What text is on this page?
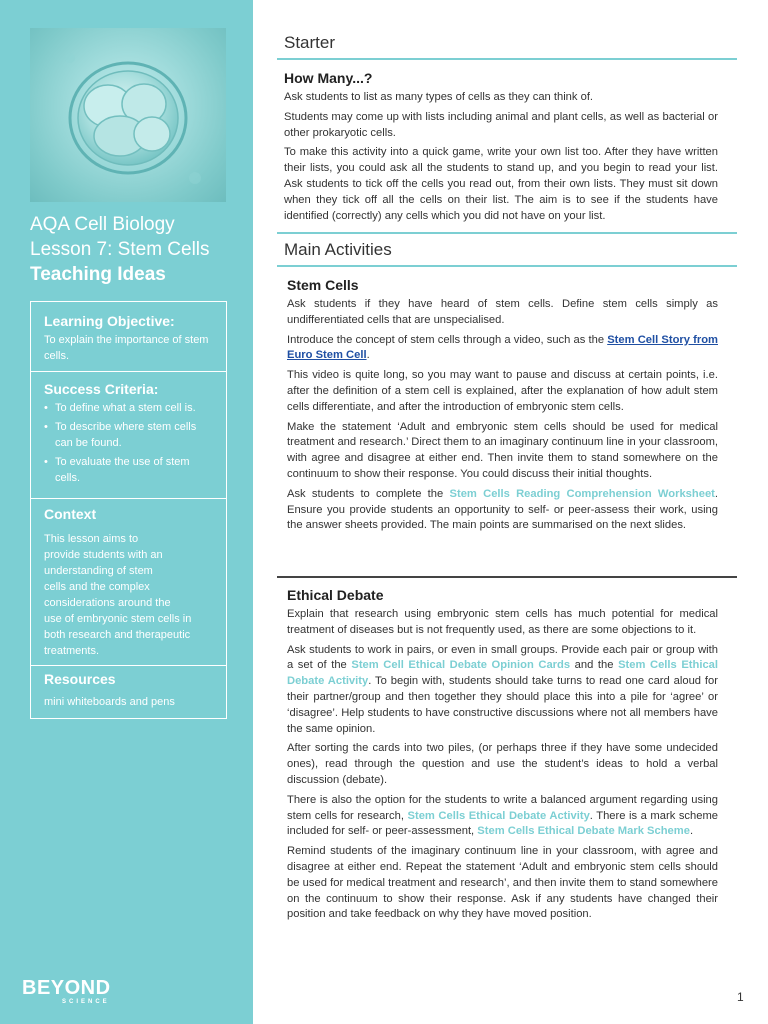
AQA Cell Biology
Lesson 7: Stem Cells
Teaching Ideas
Learning Objective:
To explain the importance of stem cells.
Success Criteria:
• To define what a stem cell is.
• To describe where stem cells can be found.
• To evaluate the use of stem cells.
Context
This lesson aims to
provide students with an
understanding of stem
cells and the complex
considerations around the
use of embryonic stem cells in
both research and therapeutic
treatments.
Resources
mini whiteboards and pens
BEYOND
SCIENCE
Starter
How Many...?

Ask students to list as many types of cells as they can think of.

Students may come up with lists including animal and plant cells, as well as bacterial or other prokaryotic cells.

To make this activity into a quick game, write your own list too. After they have written their lists, you could ask all the students to stand up, and you begin to read your list. Ask students to tick off the cells you read out, from their own lists. They must sit down when they tick off all the cells on their list. The aim is to see if the students have identified (correctly) any cells which you did not have on your list.

Main Activities
Stem Cells

Ask students if they have heard of stem cells. Define stem cells simply as undifferentiated cells that are unspecialised.

Introduce the concept of stem cells through a video, such as the Stem Cell Story from Euro Stem Cell.

This video is quite long, so you may want to pause and discuss at certain points, i.e. after the definition of a stem cell is explained, after the explanation of how adult stem cells differentiate, and after the introduction of embryonic stem cells.

Make the statement ‘Adult and embryonic stem cells should be used for medical treatment and research.’ Direct them to an imaginary continuum line in your classroom, with agree and disagree at either end. Then invite them to stand somewhere on the continuum to show their response. You could discuss their initial thoughts.

Ask students to complete the Stem Cells Reading Comprehension Worksheet. Ensure you provide students an opportunity to self- or peer-assess their work, using the answer sheets provided. The main points are summarised on the next slides.

Ethical Debate

Explain that research using embryonic stem cells has much potential for medical treatment of diseases but is not frequently used, as there are some objections to it.

Ask students to work in pairs, or even in small groups. Provide each pair or group with a set of the Stem Cell Ethical Debate Opinion Cards and the Stem Cells Ethical Debate Activity. To begin with, students should take turns to read one card aloud for their partner/group and then together they should place this into a pile for ‘agree’ or ‘disagree’. Help students to have constructive discussions where not all members have the same opinion.

After sorting the cards into two piles, (or perhaps three if they have some undecided ones), read through the question and use the student’s ideas to hold a verbal discussion (debate).

There is also the option for the students to write a balanced argument regarding using stem cells for research, Stem Cells Ethical Debate Activity. There is a mark scheme included for self- or peer-assessment, Stem Cells Ethical Debate Mark Scheme.

Remind students of the imaginary continuum line in your classroom, with agree and disagree at either end. Repeat the statement ‘Adult and embryonic stem cells should be used for medical treatment and research’, and then invite them to stand somewhere on the continuum to show their response. Ask if any students have changed their position and take feedback on why they have moved position.

1
